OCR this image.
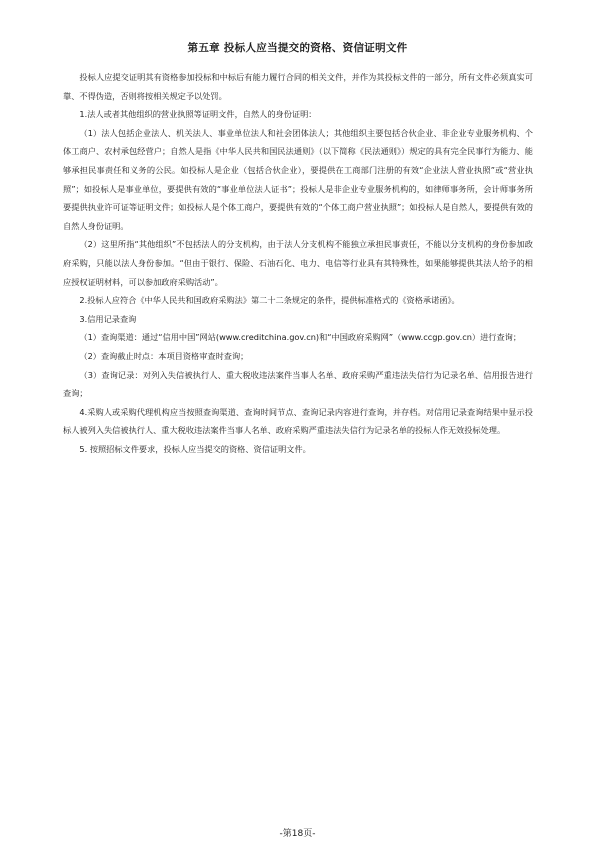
第五章 投标人应当提交的资格、资信证明文件

投标人应提交证明其有资格参加投标和中标后有能力履行合同的相关文件，并作为其投标文件的一部分，所有文件必须真实可靠、不得伪造，否则将按相关规定予以处罚。

1.法人或者其他组织的营业执照等证明文件，自然人的身份证明：

（1）法人包括企业法人、机关法人、事业单位法人和社会团体法人；其他组织主要包括合伙企业、非企业专业服务机构、个体工商户、农村承包经营户；自然人是指《中华人民共和国民法通则》（以下简称《民法通则》）规定的具有完全民事行为能力、能够承担民事责任和义务的公民。如投标人是企业（包括合伙企业），要提供在工商部门注册的有效“企业法人营业执照”或“营业执照”；如投标人是事业单位，要提供有效的“事业单位法人证书”；投标人是非企业专业服务机构的，如律师事务所，会计师事务所要提供执业许可证等证明文件；如投标人是个体工商户，要提供有效的“个体工商户营业执照”；如投标人是自然人，要提供有效的自然人身份证明。

（2）这里所指“其他组织”不包括法人的分支机构，由于法人分支机构不能独立承担民事责任，不能以分支机构的身份参加政府采购，只能以法人身份参加。“但由于银行、保险、石油石化、电力、电信等行业具有其特殊性，如果能够提供其法人给予的相应授权证明材料，可以参加政府采购活动”。

2.投标人应符合《中华人民共和国政府采购法》第二十二条规定的条件，提供标准格式的《资格承诺函》。

3.信用记录查询

（1）查询渠道：通过“信用中国”网站(www.creditchina.gov.cn)和“中国政府采购网”（www.ccgp.gov.cn）进行查询；

（2）查询截止时点：本项目资格审查时查询；

（3）查询记录：对列入失信被执行人、重大税收违法案件当事人名单、政府采购严重违法失信行为记录名单、信用报告进行查询；

4.采购人或采购代理机构应当按照查询渠道、查询时间节点、查询记录内容进行查询，并存档。对信用记录查询结果中显示投标人被列入失信被执行人、重大税收违法案件当事人名单、政府采购严重违法失信行为记录名单的投标人作无效投标处理。

5. 按照招标文件要求，投标人应当提交的资格、资信证明文件。

-第18页-
